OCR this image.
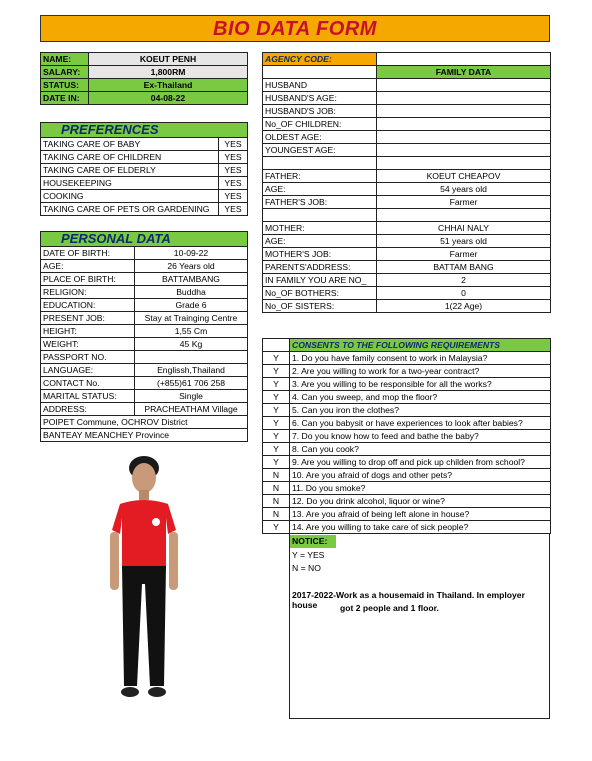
BIO DATA FORM
NAME:	KOEUT PENH
SALARY:	1,800RM
STATUS:	Ex-Thailand
DATE IN:	04-08-22
PREFERENCES	
TAKING CARE OF BABY	YES
TAKING CARE OF CHILDREN	YES
TAKING CARE OF ELDERLY	YES
HOUSEKEEPING	YES
COOKING	YES
TAKING CARE OF PETS OR GARDENING	YES
PERSONAL DATA	
DATE OF BIRTH:	10-09-22
AGE:	26 Years old
PLACE OF BIRTH:	BATTAMBANG
RELIGION:	Buddha
EDUCATION:	Grade 6
PRESENT JOB:	Stay at Trainging Centre
HEIGHT:	1,55 Cm
WEIGHT:	45 Kg
PASSPORT NO.	
LANGUAGE:	Englissh,Thailand
CONTACT No.	(+855)61 706 258
MARITAL STATUS:	Single
ADDRESS:	PRACHEATHAM Village
POIPET Commune, OCHROV District	
BANTEAY MEANCHEY Province	
AGENCY CODE:	
	FAMILY DATA
HUSBAND	
HUSBAND'S AGE:	
HUSBAND'S JOB:	
No_OF CHILDREN:	
OLDEST AGE:	
YOUNGEST AGE:	

FATHER:	KOEUT CHEAPOV
AGE:	54 years old
FATHER'S JOB:	Farmer

MOTHER:	CHHAI NALY
AGE:	51 years old
MOTHER'S JOB:	Farmer
PARENTS'ADDRESS:	BATTAM BANG
IN FAMILY YOU ARE NO_	2
No_OF BOTHERS:	0
No_OF SISTERS:	1(22 Age)
	CONSENTS TO THE FOLLOWING REQUIREMENTS
Y	1. Do you have family consent to work in Malaysia?
Y	2. Are you willing to work for a two-year contract?
Y	3. Are you willing to be responsible for all the works?
Y	4. Can you sweep, and mop the floor?
Y	5. Can you iron the clothes?
Y	6. Can you babysit or have experiences to look after babies?
Y	7. Do you know how to feed and bathe the baby?
Y	8. Can you cook?
Y	9. Are you willing to drop off and pick up childen from school?
N	10. Are you afraid of dogs and other pets?
N	11. Do you smoke?
N	12. Do you drink alcohol, liquor or wine?
N	13. Are you afraid of being left alone in house?
Y	14. Are you willing to take care of sick people?
NOTICE:
Y = YES
N = NO
2017-2022-Work as a housemaid in Thailand. In employer house	got 2 people and 1 floor.
